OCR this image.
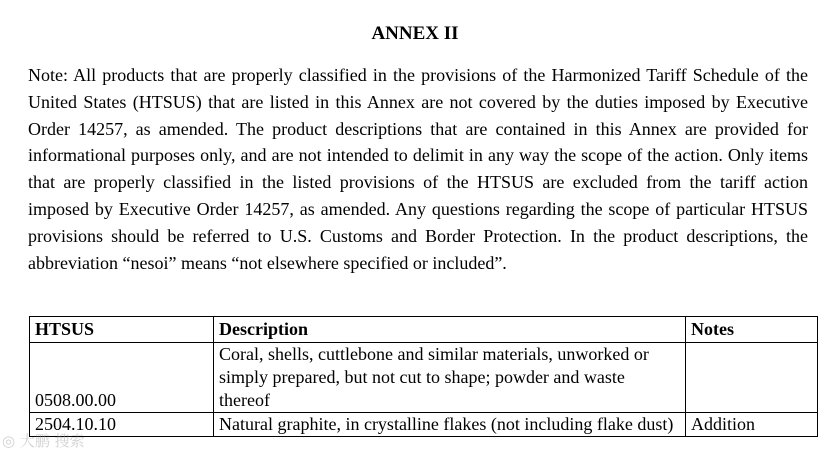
ANNEX II

Note: All products that are properly classified in the provisions of the Harmonized Tariff Schedule of the United States (HTSUS) that are listed in this Annex are not covered by the duties imposed by Executive Order 14257, as amended. The product descriptions that are contained in this Annex are provided for informational purposes only, and are not intended to delimit in any way the scope of the action. Only items that are properly classified in the listed provisions of the HTSUS are excluded from the tariff action imposed by Executive Order 14257, as amended. Any questions regarding the scope of particular HTSUS provisions should be referred to U.S. Customs and Border Protection. In the product descriptions, the abbreviation “nesoi” means “not elsewhere specified or included”.

HTSUS	Description	Notes
0508.00.00	Coral, shells, cuttlebone and similar materials, unworked or simply prepared, but not cut to shape; powder and waste thereof	
2504.10.10	Natural graphite, in crystalline flakes (not including flake dust)	Addition
◎ 大鹏 搜索
